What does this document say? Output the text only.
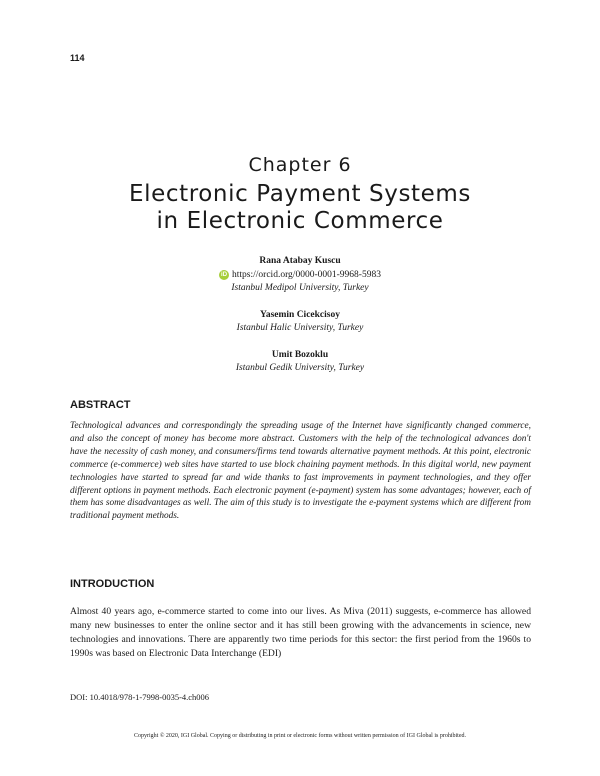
114
Chapter 6
Electronic Payment Systems
in Electronic Commerce
Rana Atabay Kuscu
iD https://orcid.org/0000-0001-9968-5983
Istanbul Medipol University, Turkey
Yasemin Cicekcisoy
Istanbul Halic University, Turkey
Umit Bozoklu
Istanbul Gedik University, Turkey
ABSTRACT
Technological advances and correspondingly the spreading usage of the Internet have significantly changed commerce, and also the concept of money has become more abstract. Customers with the help of the technological advances don't have the necessity of cash money, and consumers/firms tend towards alternative payment methods. At this point, electronic commerce (e-commerce) web sites have started to use block chaining payment methods. In this digital world, new payment technologies have started to spread far and wide thanks to fast improvements in payment technologies, and they offer different options in payment methods. Each electronic payment (e-payment) system has some advantages; however, each of them has some disadvantages as well. The aim of this study is to investigate the e-payment systems which are different from traditional payment methods.
INTRODUCTION
Almost 40 years ago, e-commerce started to come into our lives. As Miva (2011) suggests, e-commerce has allowed many new businesses to enter the online sector and it has still been growing with the advancements in science, new technologies and innovations. There are apparently two time periods for this sector: the first period from the 1960s to 1990s was based on Electronic Data Interchange (EDI)
DOI: 10.4018/978-1-7998-0035-4.ch006
Copyright © 2020, IGI Global. Copying or distributing in print or electronic forms without written permission of IGI Global is prohibited.
